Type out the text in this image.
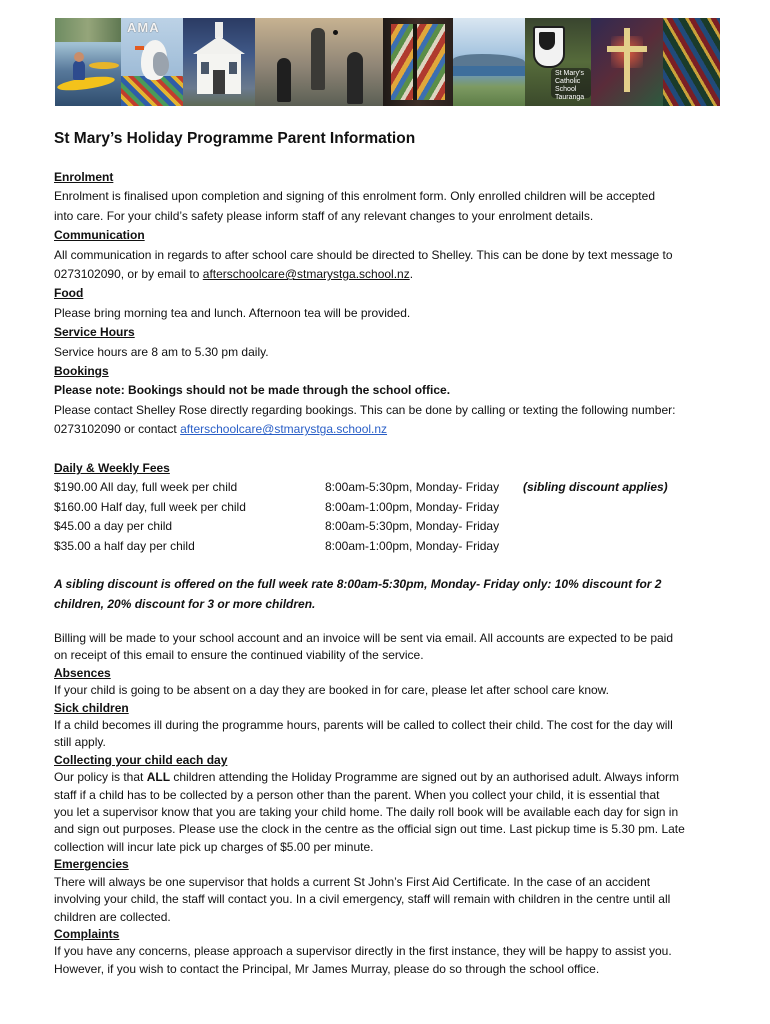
AMA
St Mary's
Catholic School
Tauranga
St Mary’s Holiday Programme Parent Information
Enrolment
Enrolment is finalised upon completion and signing of this enrolment form. Only enrolled children will be accepted
into care. For your child’s safety please inform staff of any relevant changes to your enrolment details.
Communication
All communication in regards to after school care should be directed to Shelley. This can be done by text message to
0273102090, or by email to afterschoolcare@stmarystga.school.nz.
Food
Please bring morning tea and lunch. Afternoon tea will be provided.
Service Hours
Service hours are 8 am to 5.30 pm daily.
Bookings
Please note: Bookings should not be made through the school office.
Please contact Shelley Rose directly regarding bookings. This can be done by calling or texting the following number:
0273102090 or contact afterschoolcare@stmarystga.school.nz
Daily & Weekly Fees
$190.00 All day, full week per child	8:00am-5:30pm, Monday- Friday (sibling discount applies)
$160.00 Half day, full week per child	8:00am-1:00pm, Monday- Friday
$45.00 a day per child	8:00am-5:30pm, Monday- Friday
$35.00 a half day per child	8:00am-1:00pm, Monday- Friday
A sibling discount is offered on the full week rate 8:00am-5:30pm, Monday- Friday only: 10% discount for 2
children, 20% discount for 3 or more children.
Billing will be made to your school account and an invoice will be sent via email. All accounts are expected to be paid
on receipt of this email to ensure the continued viability of the service.
Absences
If your child is going to be absent on a day they are booked in for care, please let after school care know.
Sick children
If a child becomes ill during the programme hours, parents will be called to collect their child. The cost for the day will
still apply.
Collecting your child each day
Our policy is that ALL children attending the Holiday Programme are signed out by an authorised adult. Always inform
staff if a child has to be collected by a person other than the parent. When you collect your child, it is essential that
you let a supervisor know that you are taking your child home. The daily roll book will be available each day for sign in
and sign out purposes. Please use the clock in the centre as the official sign out time. Last pickup time is 5.30 pm. Late
collection will incur late pick up charges of $5.00 per minute.
Emergencies
There will always be one supervisor that holds a current St John’s First Aid Certificate. In the case of an accident
involving your child, the staff will contact you. In a civil emergency, staff will remain with children in the centre until all
children are collected.
Complaints
If you have any concerns, please approach a supervisor directly in the first instance, they will be happy to assist you.
However, if you wish to contact the Principal, Mr James Murray, please do so through the school office.
